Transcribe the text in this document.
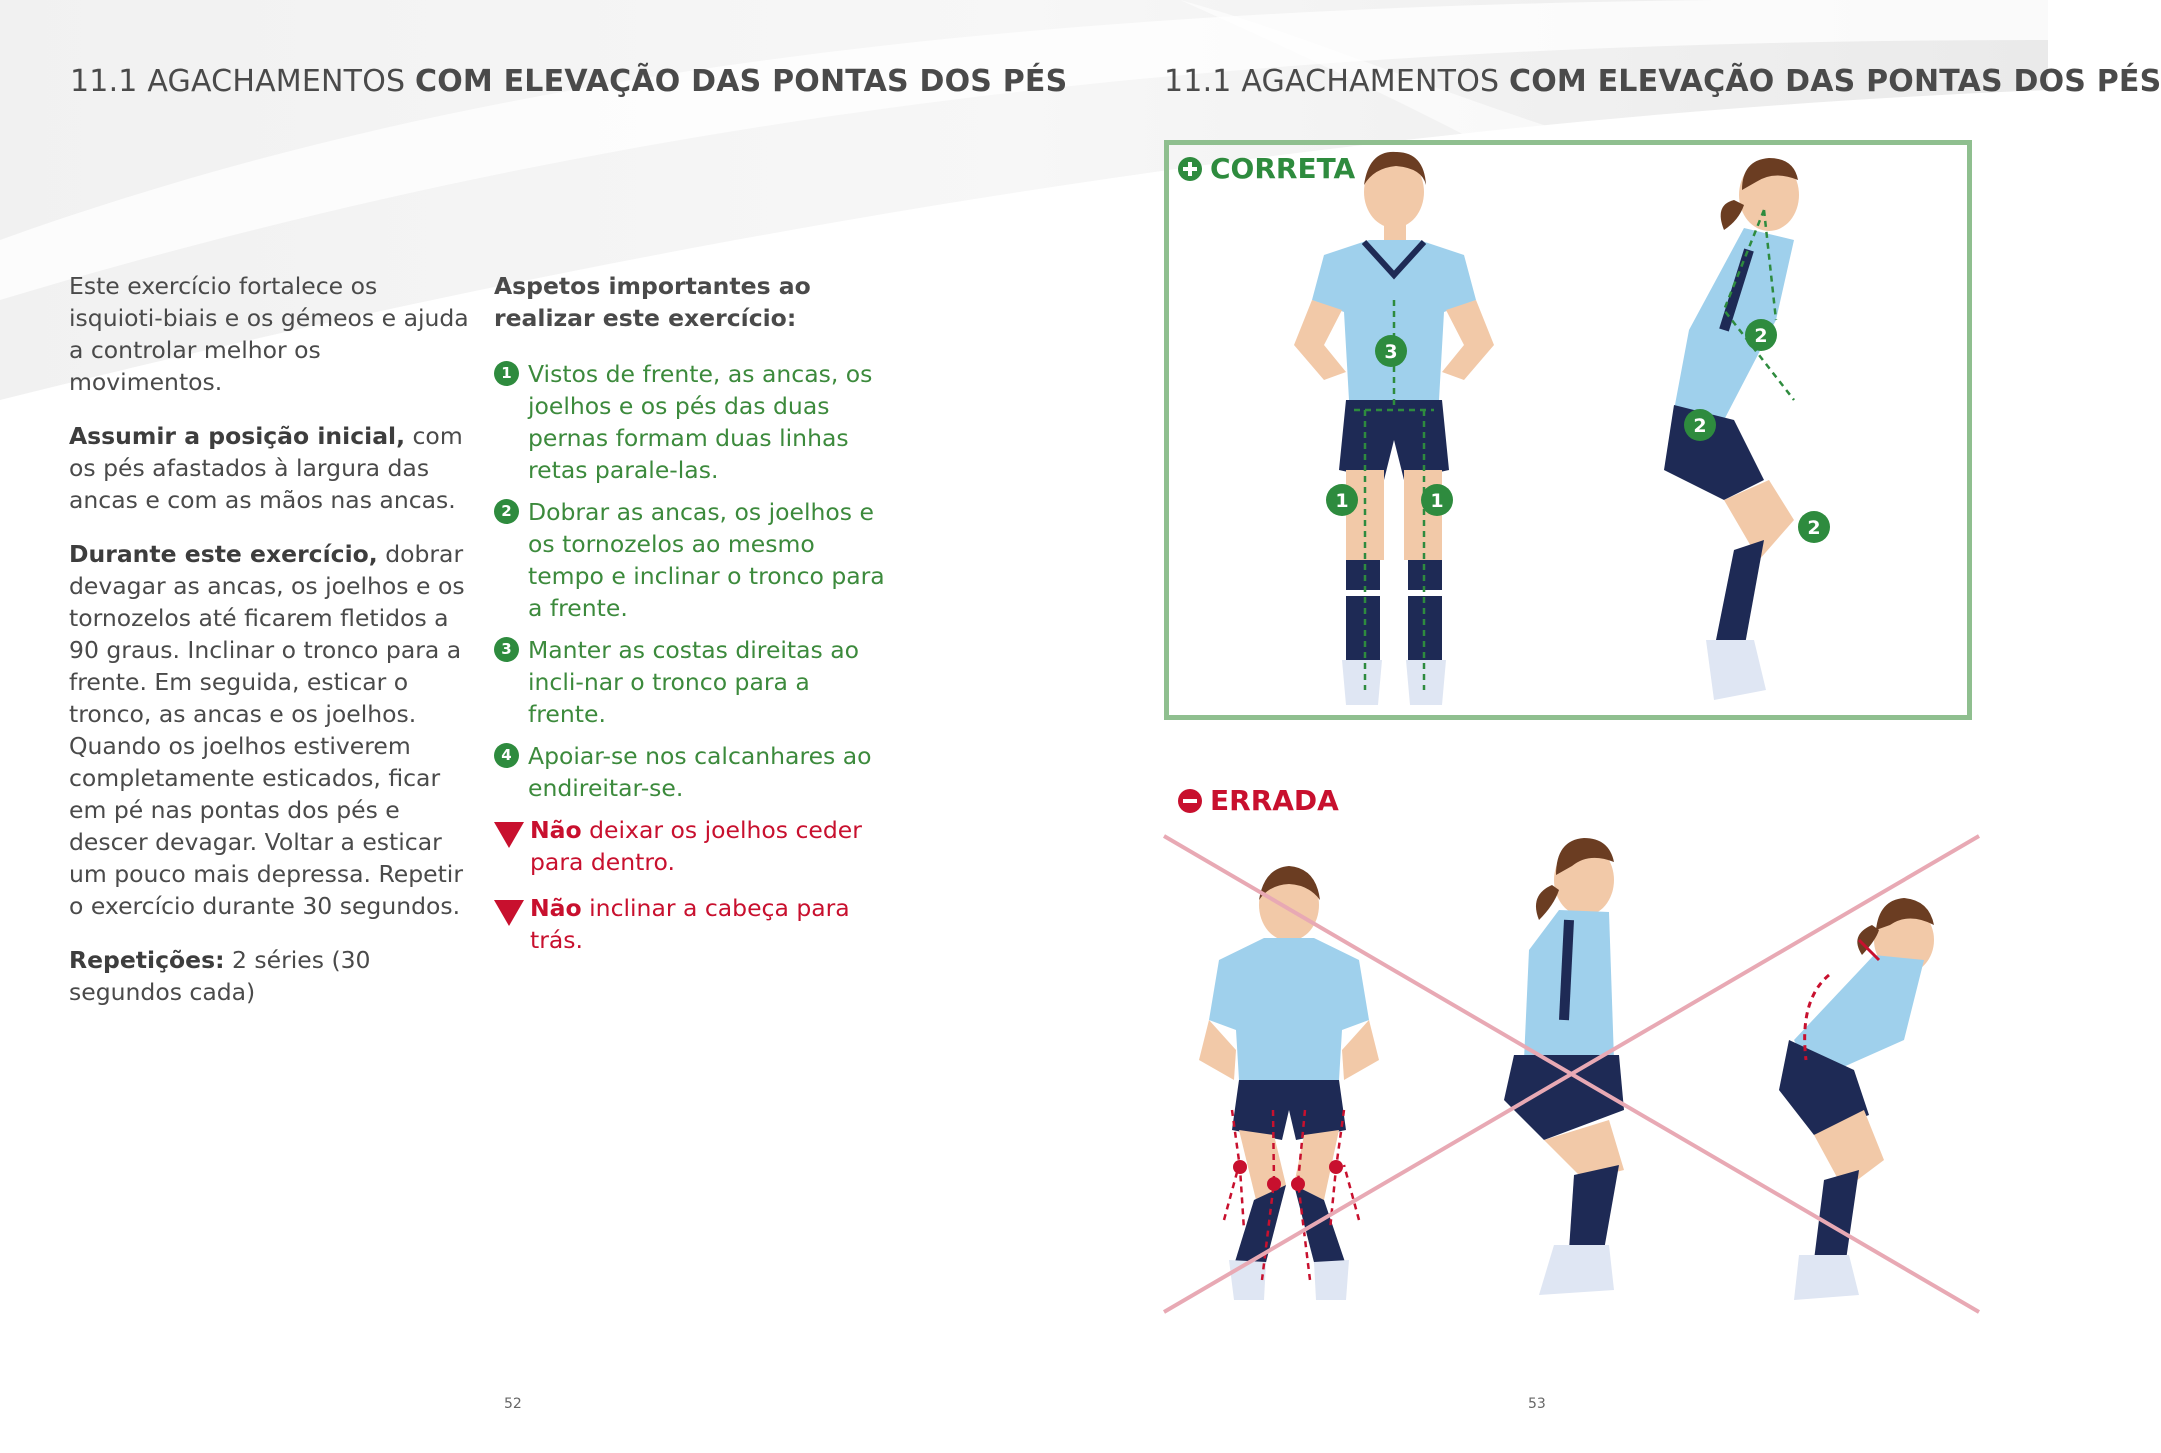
11.1 AGACHAMENTOS COM ELEVAÇÃO DAS PONTAS DOS PÉS

Este exercício fortalece os isquioti-biais e os gémeos e ajuda a controlar melhor os movimentos.

Assumir a posição inicial, com os pés afastados à largura das ancas e com as mãos nas ancas.

Durante este exercício, dobrar devagar as ancas, os joelhos e os tornozelos até ficarem fletidos a 90 graus. Inclinar o tronco para a frente. Em seguida, esticar o tronco, as ancas e os joelhos. Quando os joelhos estiverem completamente esticados, ficar em pé nas pontas dos pés e descer devagar. Voltar a esticar um pouco mais depressa. Repetir o exercício durante 30 segundos.

Repetições: 2 séries (30 segundos cada)

Aspetos importantes ao realizar este exercício:

1 Vistos de frente, as ancas, os joelhos e os pés das duas pernas formam duas linhas retas parale-las.
2 Dobrar as ancas, os joelhos e os tornozelos ao mesmo tempo e inclinar o tronco para a frente.
3 Manter as costas direitas ao incli-nar o tronco para a frente.
4 Apoiar-se nos calcanhares ao endireitar-se.
Não deixar os joelhos ceder para dentro.
Não inclinar a cabeça para trás.
52
11.1 AGACHAMENTOS COM ELEVAÇÃO DAS PONTAS DOS PÉS
CORRETA
ERRADA
3
1	1
2
2
2
53
